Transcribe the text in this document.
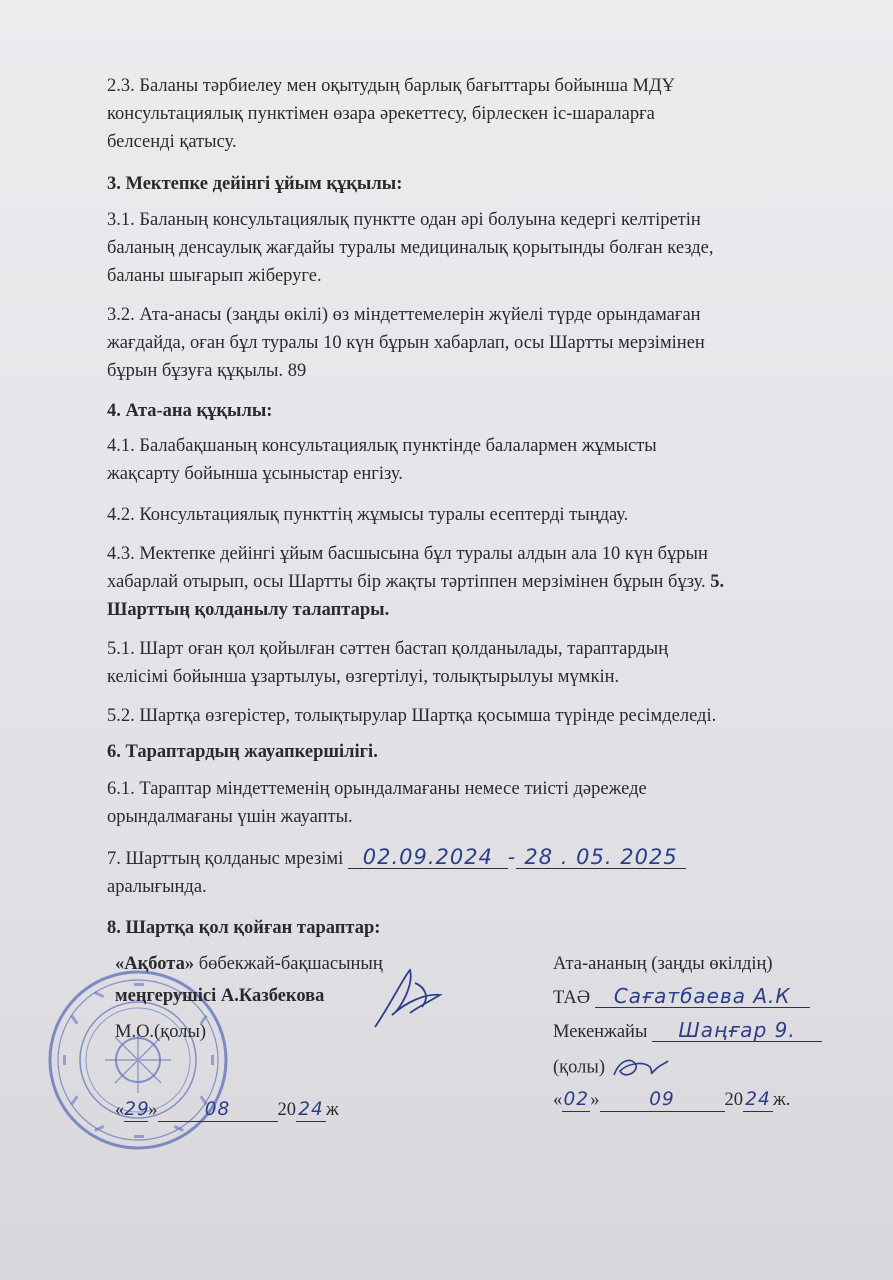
2.3. Баланы тәрбиелеу мен оқытудың барлық бағыттары бойынша МДҰ
консультациялық пунктімен өзара әрекеттесу, бірлескен іс-шараларға
белсенді қатысу.
3. Мектепке дейінгі ұйым құқылы:
3.1. Баланың консультациялық пунктте одан әрі болуына кедергі келтіретін
баланың денсаулық жағдайы туралы медициналық қорытынды болған кезде,
баланы шығарып жіберуге.
3.2. Ата-анасы (заңды өкілі) өз міндеттемелерін жүйелі түрде орындамаған
жағдайда, оған бұл туралы 10 күн бұрын хабарлап, осы Шартты мерзімінен
бұрын бұзуға құқылы. 89
4. Ата-ана құқылы:
4.1. Балабақшаның консультациялық пунктінде балалармен жұмысты
жақсарту бойынша ұсыныстар енгізу.
4.2. Консультациялық пункттің жұмысы туралы есептерді тыңдау.
4.3. Мектепке дейінгі ұйым басшысына бұл туралы алдын ала 10 күн бұрын
хабарлай отырып, осы Шартты бір жақты тәртіппен мерзімінен бұрын бұзу. 5.
Шарттың қолданылу талаптары.
5.1. Шарт оған қол қойылған сәттен бастап қолданылады, тараптардың
келісімі бойынша ұзартылуы, өзгертілуі, толықтырылуы мүмкін.
5.2. Шартқа өзгерістер, толықтырулар Шартқа қосымша түрінде ресімделеді.
6. Тараптардың жауапкершілігі.
6.1. Тараптар міндеттеменің орындалмағаны немесе тиісті дәрежеде
орындалмағаны үшін жауапты.
7. Шарттың қолданыс мрезімі 02.09.2024 - 28 . 05. 2025
аралығында.
8. Шартқа қол қойған тараптар:
«Ақбота» бөбекжай-бақшасының
меңгерушісі А.Казбекова
М.О.(қолы)
«29»	08	20 24 ж
Ата-ананың (заңды өкілдің)
ТАӘ Сағатбаева А.К
Мекенжайы Шаңғар 9.
(қолы)
«02»	09	20 24 ж.
